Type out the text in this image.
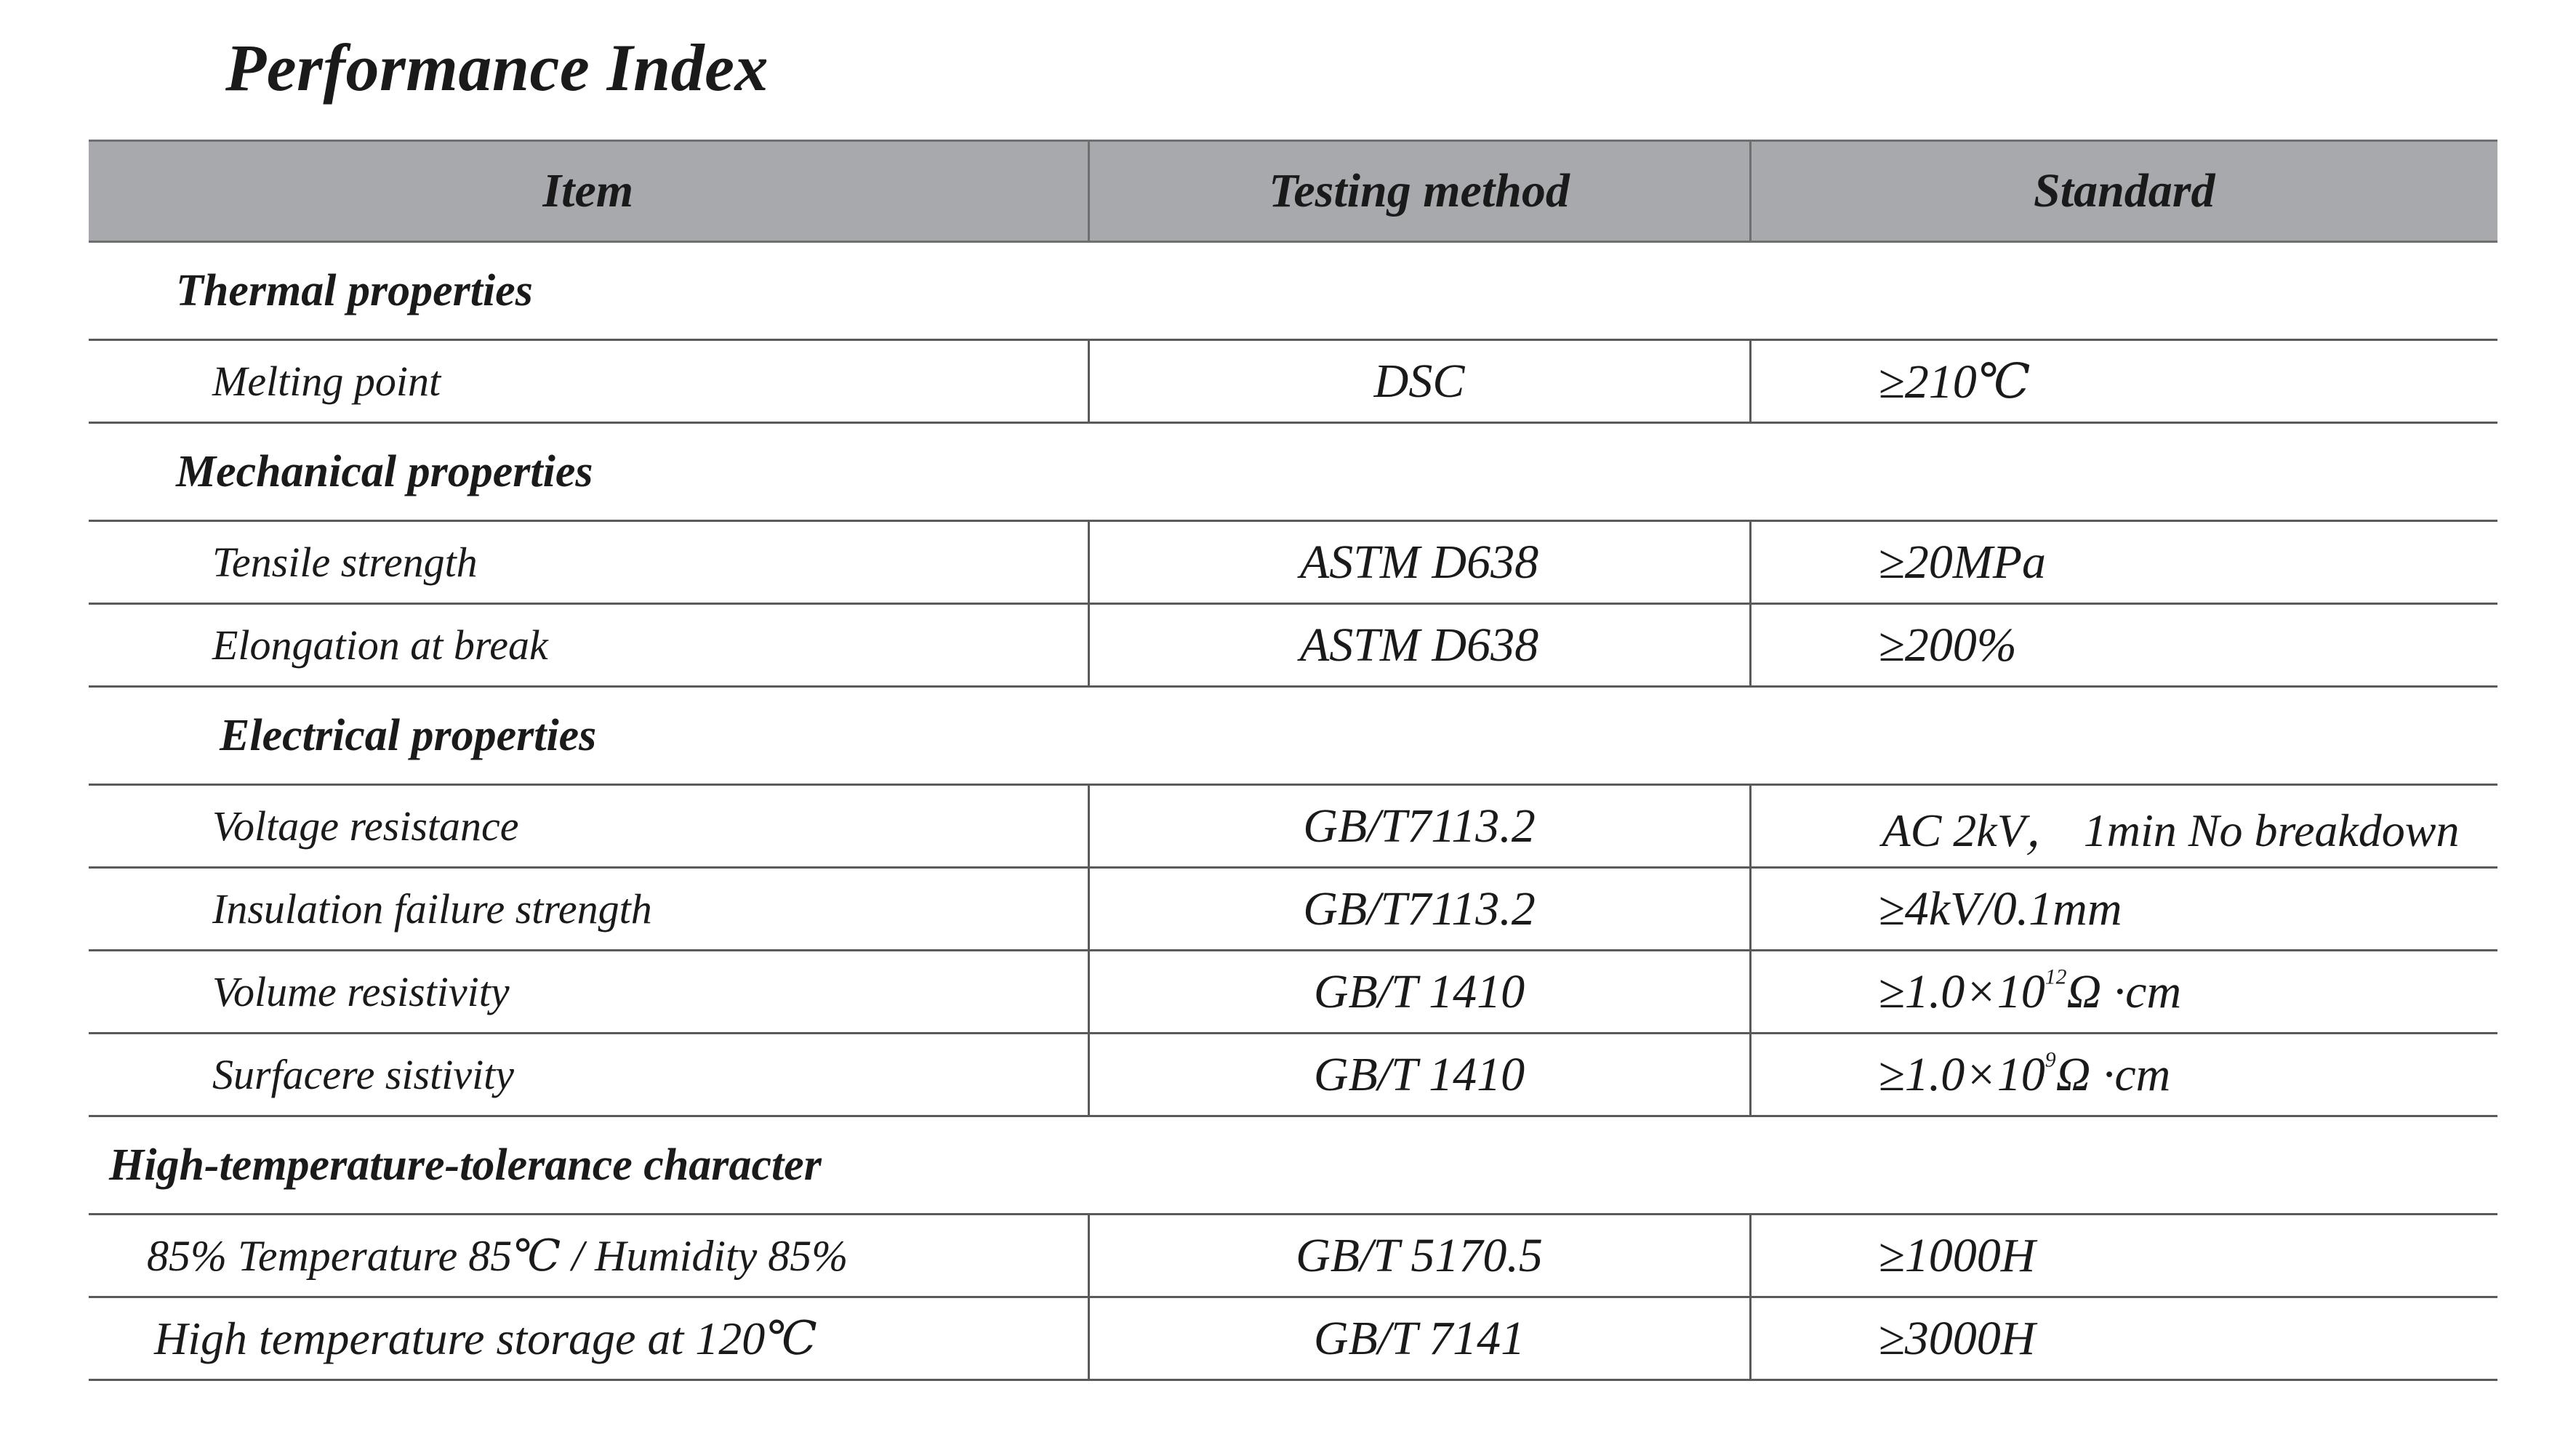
Performance Index
Item	Testing method	Standard
Thermal properties		
Melting point	DSC	≥210℃
Mechanical properties		
Tensile strength	ASTM D638	≥20MPa
Elongation at break	ASTM D638	≥200%
Electrical properties		
Voltage resistance	GB/T7113.2	AC 2kV， 1min No breakdown
Insulation failure strength	GB/T7113.2	≥4kV/0.1mm
Volume resistivity	GB/T 1410	$\ge 1.0\times 10^{12}\Omega \cdot cm$
Surfacere sistivity	GB/T 1410	$\ge 1.0\times 10^9\Omega \cdot cm$
High-temperature-tolerance character		
85% Temperature 85℃ / Humidity 85%	GB/T 5170.5	≥1000H
High temperature storage at 120℃	GB/T 7141	≥3000H
